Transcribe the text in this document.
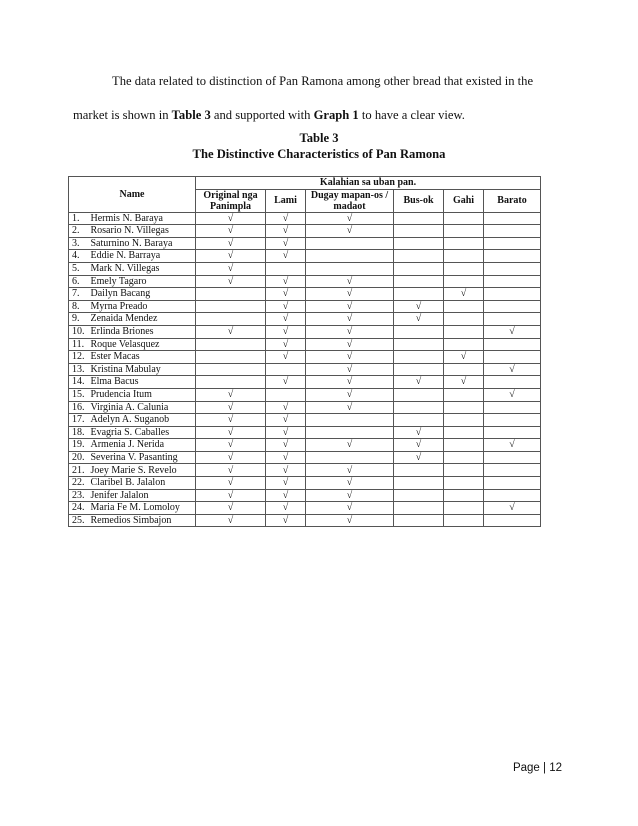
The data related to distinction of Pan Ramona among other bread that existed in the
market is shown in Table 3 and supported with Graph 1 to have a clear view.
Table 3
The Distinctive Characteristics of Pan Ramona
Name		Kalahian sa uban pan.					
		Original nga Panimpla	Lami	Dugay mapan-os / madaot	Bus-ok	Gahi	Barato
1.	Hermis N. Baraya	√	√	√			
2.	Rosario N. Villegas	√	√	√			
3.	Saturnino N. Baraya	√	√				
4.	Eddie N. Barraya	√	√				
5.	Mark N. Villegas	√					
6.	Emely Tagaro	√	√	√			
7.	Dailyn Bacang		√	√		√	
8.	Myrna Preado		√	√	√		
9.	Zenaida Mendez		√	√	√		
10.	Erlinda Briones	√	√	√			√
11.	Roque Velasquez		√	√			
12.	Ester Macas		√	√		√	
13.	Kristina Mabulay			√			√
14.	Elma Bacus		√	√	√	√	
15.	Prudencia Itum	√		√			√
16.	Virginia A. Calunia	√	√	√			
17.	Adelyn A. Suganob	√	√				
18.	Evagria S. Caballes	√	√		√		
19.	Armenia J. Nerida	√	√	√	√		√
20.	Severina V. Pasanting	√	√		√		
21.	Joey Marie S. Revelo	√	√	√			
22.	Claribel B. Jalalon	√	√	√			
23.	Jenifer Jalalon	√	√	√			
24.	Maria Fe M. Lomoloy	√	√	√			√
25.	Remedios Simbajon	√	√	√			
Page | 12
